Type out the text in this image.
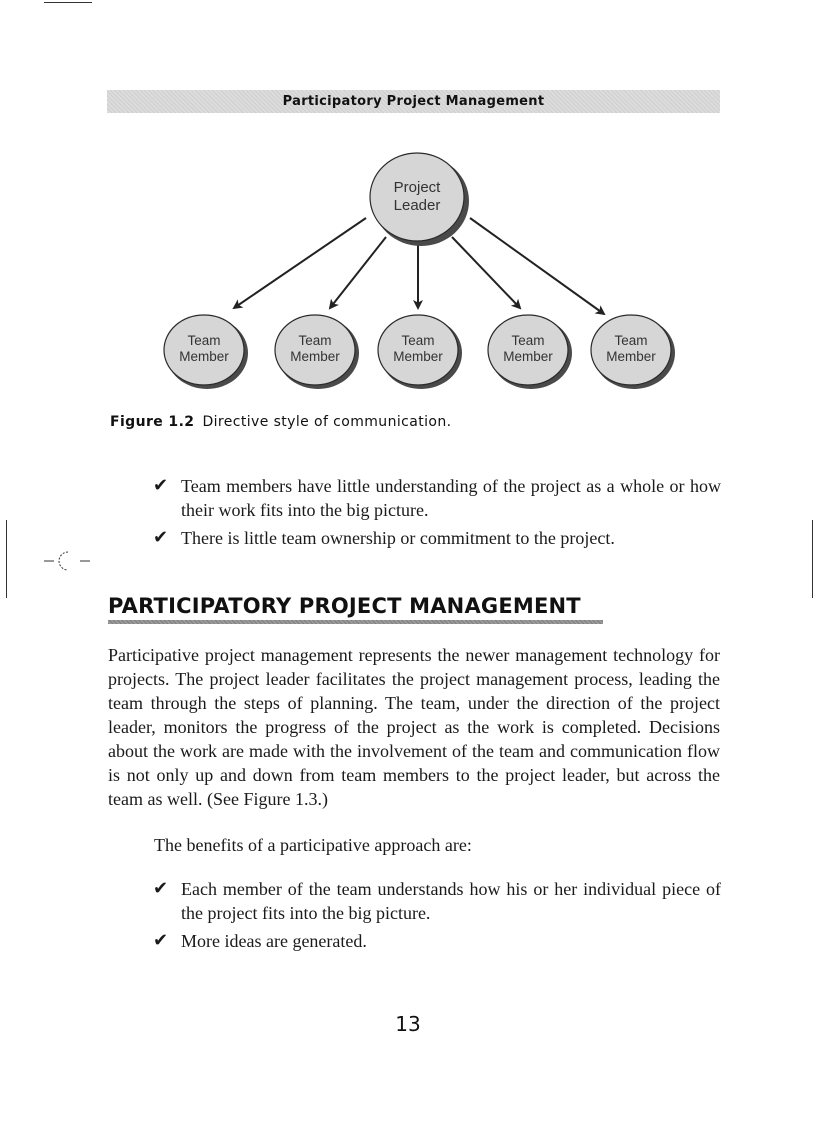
Participatory Project Management
Project
Leader
Team
Member
Team
Member
Team
Member
Team
Member
Team
Member
Figure 1.2 Directive style of communication.
✔ Team members have little understanding of the project as a whole or how their work fits into the big picture.
✔ There is little team ownership or commitment to the project.
PARTICIPATORY PROJECT MANAGEMENT

Participative project management represents the newer management technology for projects. The project leader facilitates the project management process, leading the team through the steps of planning. The team, under the direction of the project leader, monitors the progress of the project as the work is completed. Decisions about the work are made with the involvement of the team and communication flow is not only up and down from team members to the project leader, but across the team as well. (See Figure 1.3.)

The benefits of a participative approach are:

✔ Each member of the team understands how his or her individual piece of the project fits into the big picture.
✔ More ideas are generated.
13
